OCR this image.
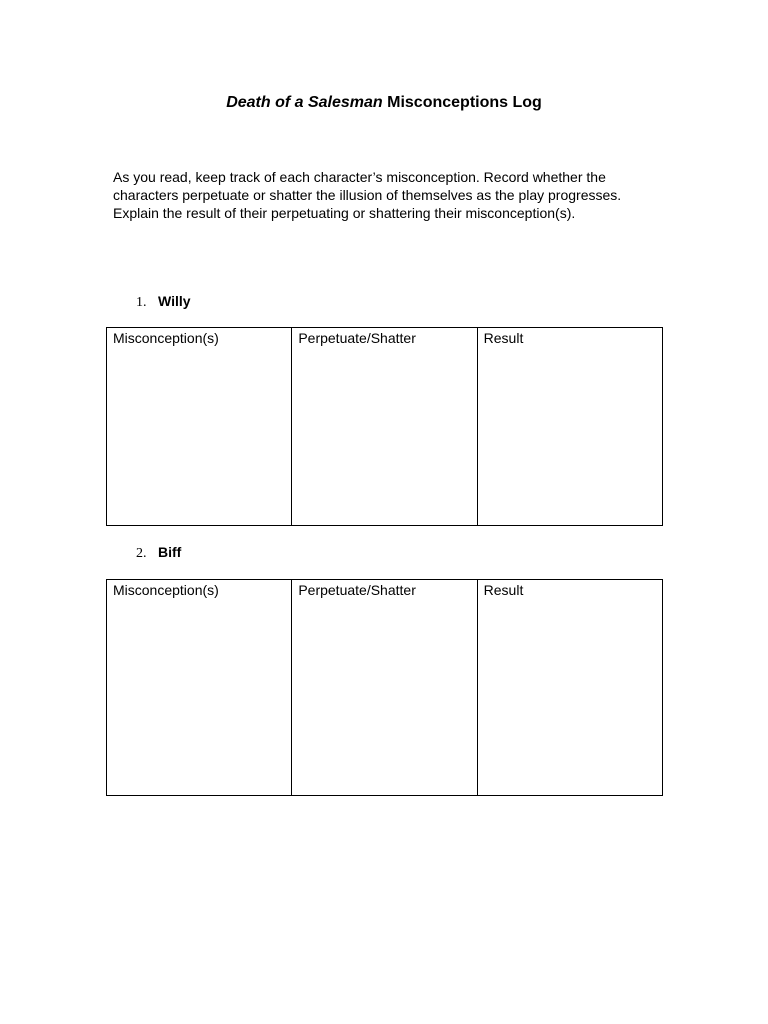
Death of a Salesman Misconceptions Log
As you read, keep track of each character’s misconception. Record whether the characters perpetuate or shatter the illusion of themselves as the play progresses. Explain the result of their perpetuating or shattering their misconception(s).
1. Willy
Misconception(s)	Perpetuate/Shatter	Result
2. Biff
Misconception(s)	Perpetuate/Shatter	Result
